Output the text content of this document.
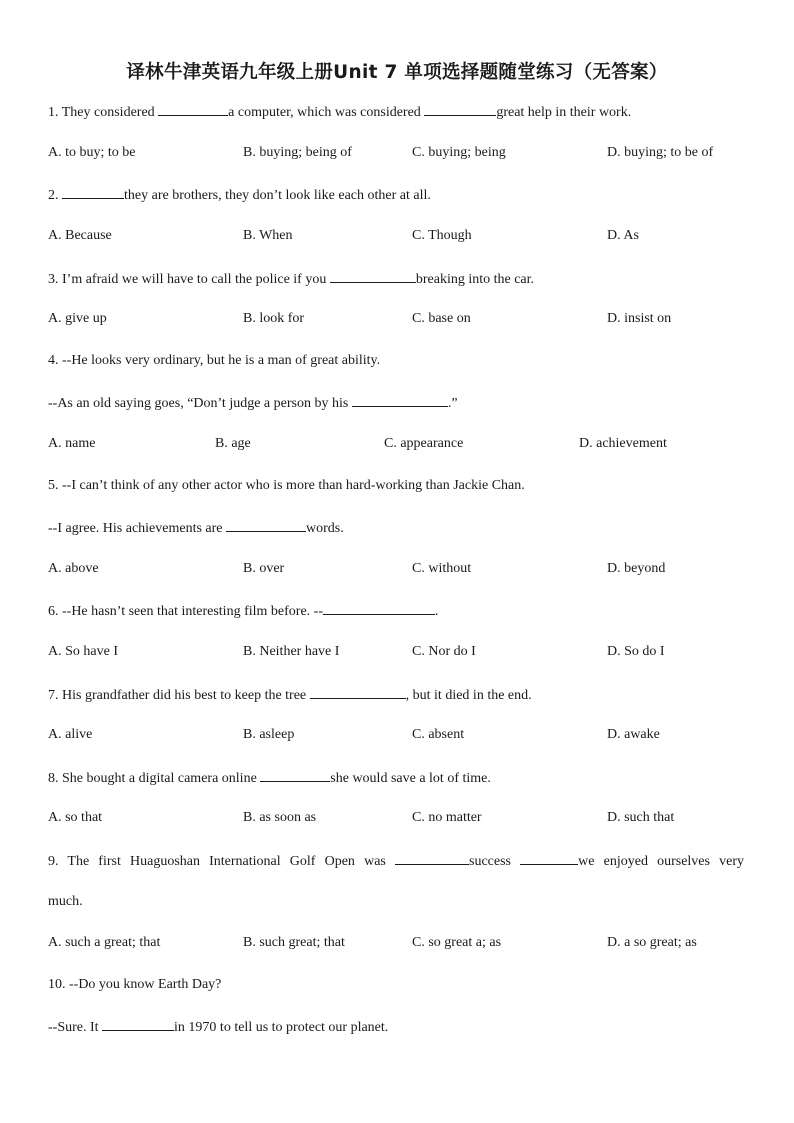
译林牛津英语九年级上册Unit 7 单项选择题随堂练习（无答案）
1. They considered	a computer, which was considered	great help in their work.
A. to buy; to be	B. buying; being of	C. buying; being	D. buying; to be of
2.	they are brothers, they don’t look like each other at all.
A. Because	B. When	C. Though	D. As
3. I’m afraid we will have to call the police if you	breaking into the car.
A. give up	B. look for	C. base on	D. insist on
4. --He looks very ordinary, but he is a man of great ability.
--As an old saying goes, “Don’t judge a person by his	.”
A. name	B. age	C. appearance	D. achievement
5. --I can’t think of any other actor who is more than hard-working than Jackie Chan.
--I agree. His achievements are	words.
A. above	B. over	C. without	D. beyond
6. --He hasn’t seen that interesting film before. --	.
A. So have I	B. Neither have I	C. Nor do I	D. So do I
7. His grandfather did his best to keep the tree	, but it died in the end.
A. alive	B. asleep	C. absent	D. awake
8. She bought a digital camera online	she would save a lot of time.
A. so that	B. as soon as	C. no matter	D. such that
9. The first Huaguoshan International Golf Open was	success	we enjoyed ourselves very
much.
A. such a great; that	B. such great; that	C. so great a; as	D. a so great; as
10. --Do you know Earth Day?
--Sure. It	in 1970 to tell us to protect our planet.
